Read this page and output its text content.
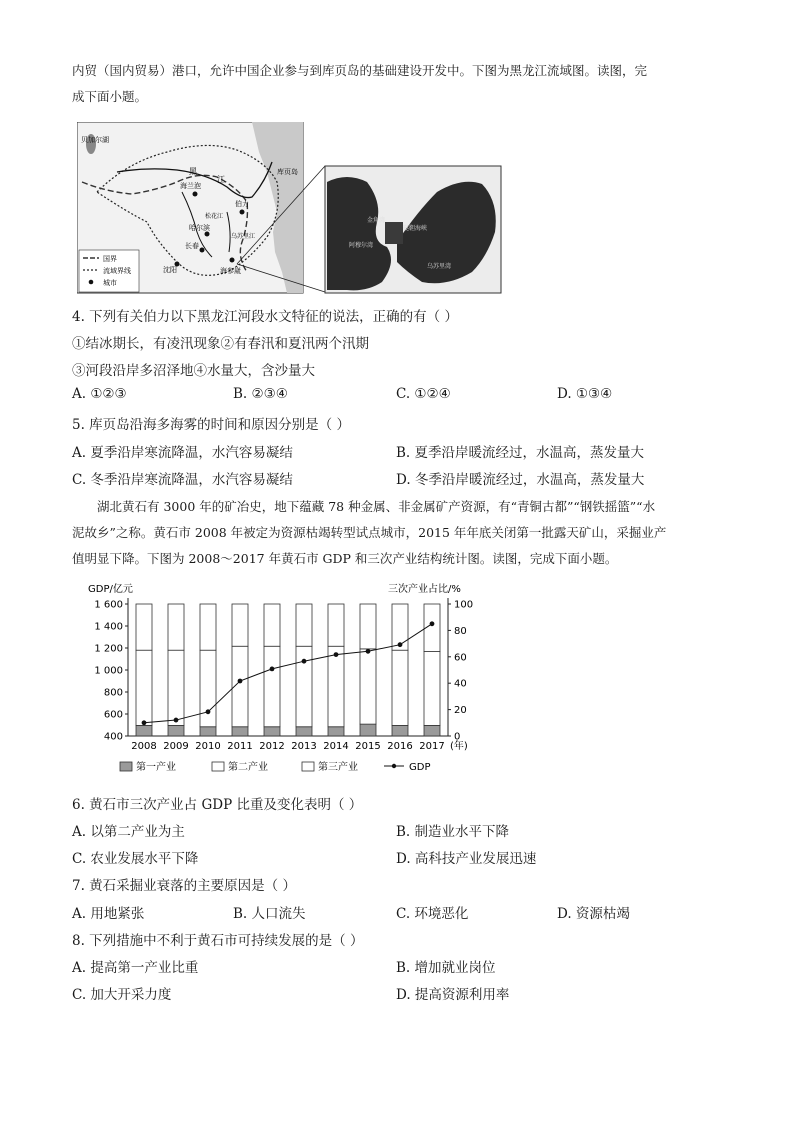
内贸（国内贸易）港口，允许中国企业参与到库页岛的基础建设开发中。下图为黑龙江流域图。读图，完
成下面小题。
贝加尔湖
海兰泡
黑
江
伯力
哈尔滨
长春
沈阳	海参崴
库页岛
松花江
乌苏里江
国界
流域界线
城市
金角湾
阿穆尔湾
鞑靼海峡
乌苏里湾
4. 下列有关伯力以下黑龙江河段水文特征的说法，正确的有（ ）
①结冰期长，有凌汛现象②有春汛和夏汛两个汛期
③河段沿岸多沼泽地④水量大，含沙量大
A. ①②③	B. ②③④	C. ①②④	D. ①③④
5. 库页岛沿海多海雾的时间和原因分别是（ ）
A. 夏季沿岸寒流降温，水汽容易凝结	B. 夏季沿岸暖流经过，水温高，蒸发量大
C. 冬季沿岸寒流降温，水汽容易凝结	D. 冬季沿岸暖流经过，水温高，蒸发量大
湖北黄石有 3000 年的矿冶史，地下蕴藏 78 种金属、非金属矿产资源，有“青铜古都”“钢铁摇篮”“水
泥故乡”之称。黄石市 2008 年被定为资源枯竭转型试点城市，2015 年年底关闭第一批露天矿山，采掘业产
值明显下降。下图为 2008～2017 年黄石市 GDP 和三次产业结构统计图。读图，完成下面小题。
GDP/亿元	三次产业占比/%
400
600
800
1 000
1 200
1 400
1 600
0
20
40
60
80
100
2008 2009 2010 2011 2012 2013 2014 2015 2016 2017 (年)
第一产业	第二产业	第三产业	GDP
6. 黄石市三次产业占 GDP 比重及变化表明（ ）
A. 以第二产业为主	B. 制造业水平下降
C. 农业发展水平下降	D. 高科技产业发展迅速
7. 黄石采掘业衰落的主要原因是（ ）
A. 用地紧张	B. 人口流失	C. 环境恶化	D. 资源枯竭
8. 下列措施中不利于黄石市可持续发展的是（ ）
A. 提高第一产业比重	B. 增加就业岗位
C. 加大开采力度	D. 提高资源利用率
